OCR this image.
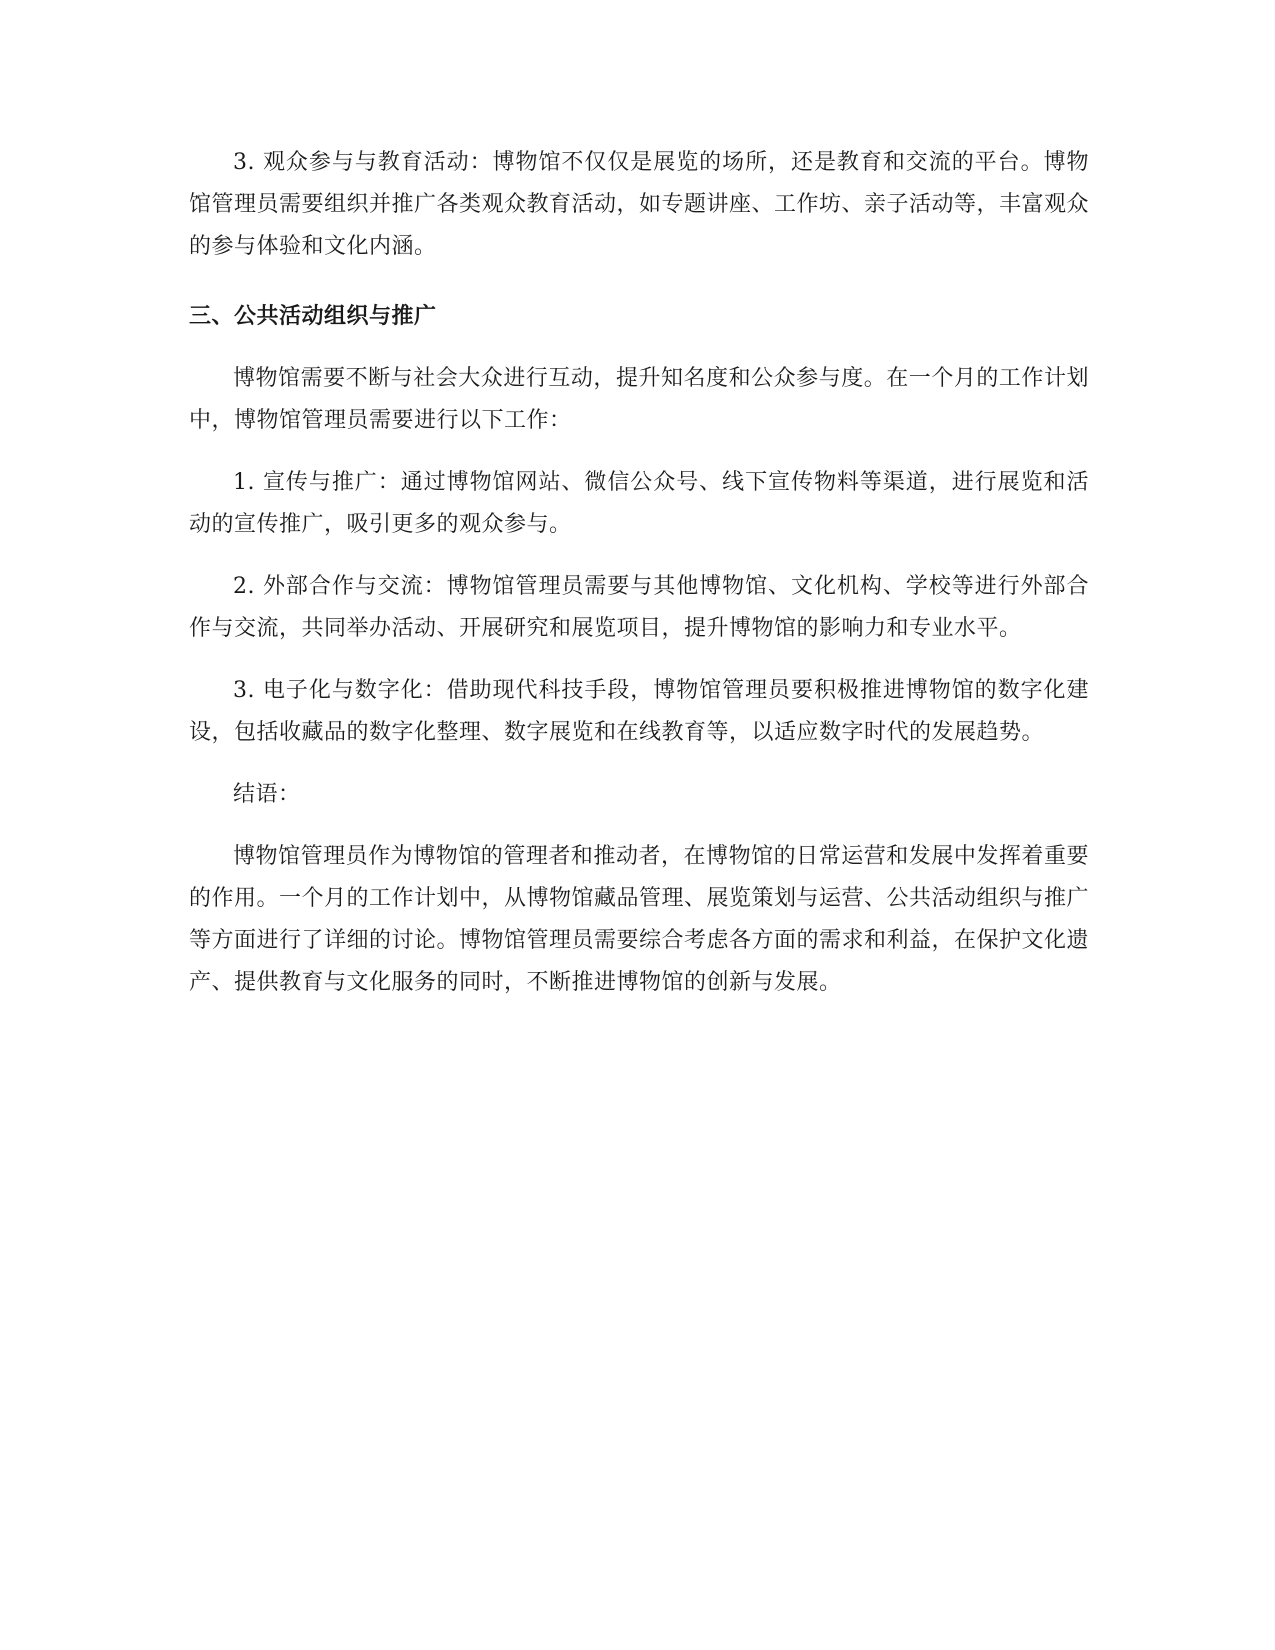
3. 观众参与与教育活动：博物馆不仅仅是展览的场所，还是教育和交流的平台。博物馆管理员需要组织并推广各类观众教育活动，如专题讲座、工作坊、亲子活动等，丰富观众的参与体验和文化内涵。

三、公共活动组织与推广

博物馆需要不断与社会大众进行互动，提升知名度和公众参与度。在一个月的工作计划中，博物馆管理员需要进行以下工作：

1. 宣传与推广：通过博物馆网站、微信公众号、线下宣传物料等渠道，进行展览和活动的宣传推广，吸引更多的观众参与。

2. 外部合作与交流：博物馆管理员需要与其他博物馆、文化机构、学校等进行外部合作与交流，共同举办活动、开展研究和展览项目，提升博物馆的影响力和专业水平。

3. 电子化与数字化：借助现代科技手段，博物馆管理员要积极推进博物馆的数字化建设，包括收藏品的数字化整理、数字展览和在线教育等，以适应数字时代的发展趋势。

结语：

博物馆管理员作为博物馆的管理者和推动者，在博物馆的日常运营和发展中发挥着重要的作用。一个月的工作计划中，从博物馆藏品管理、展览策划与运营、公共活动组织与推广等方面进行了详细的讨论。博物馆管理员需要综合考虑各方面的需求和利益，在保护文化遗产、提供教育与文化服务的同时，不断推进博物馆的创新与发展。
